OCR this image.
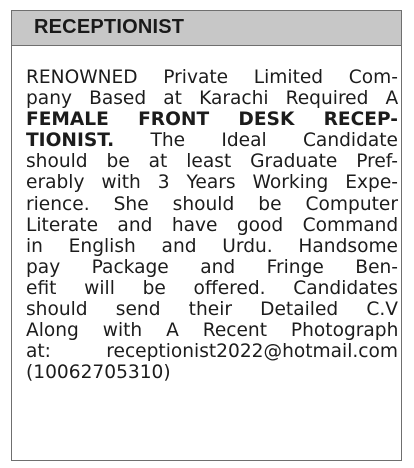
RECEPTIONIST
RENOWNED Private Limited Com-
pany Based at Karachi Required A
FEMALE FRONT DESK RECEP-
TIONIST. The Ideal Candidate
should be at least Graduate Pref-
erably with 3 Years Working Expe-
rience. She should be Computer
Literate and have good Command
in English and Urdu. Handsome
pay Package and Fringe Ben-
efit will be offered. Candidates
should send their Detailed C.V
Along with A Recent Photograph
at: receptionist2022@hotmail.com
(10062705310)
